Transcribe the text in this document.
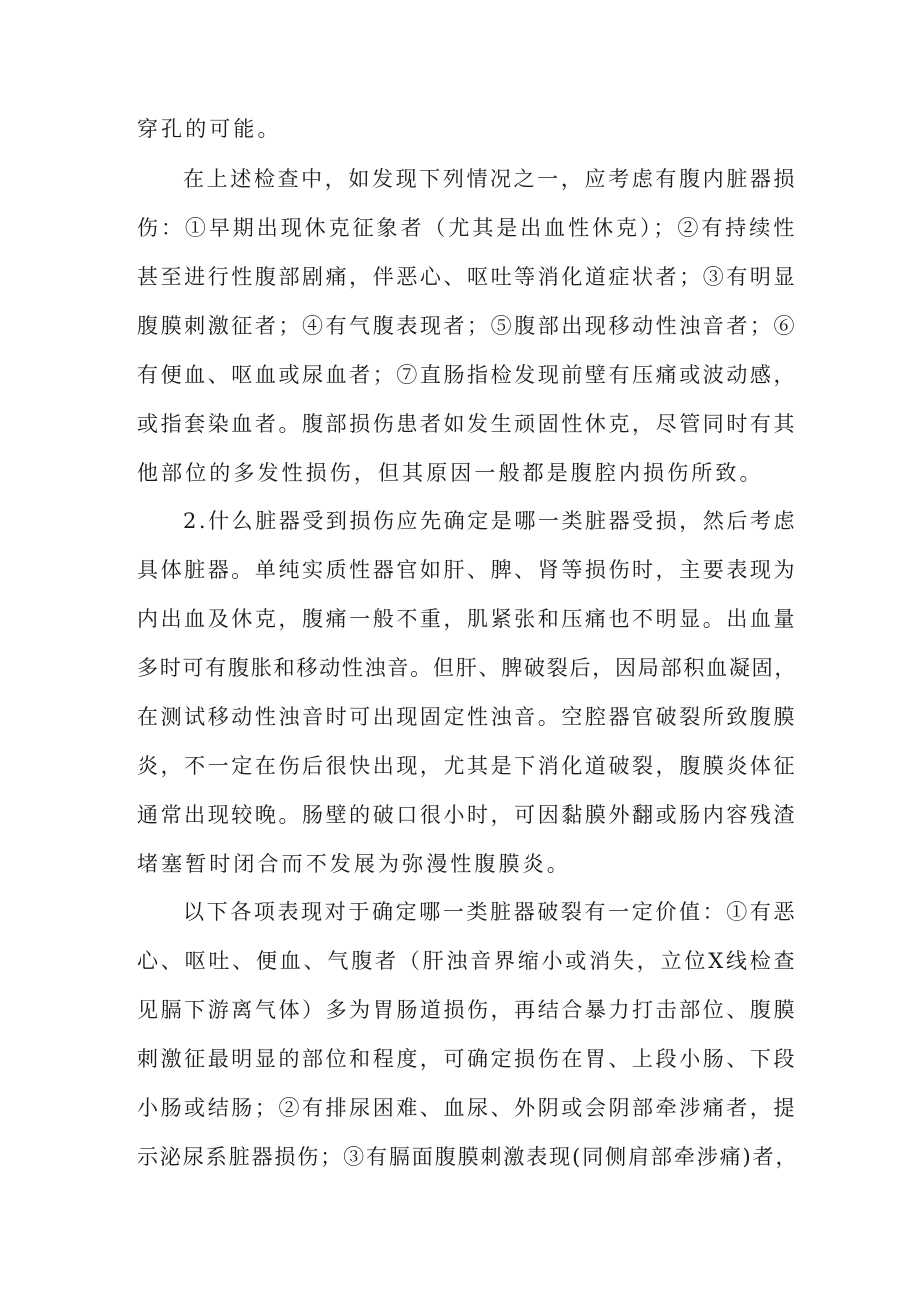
穿孔的可能。
在上述检查中，如发现下列情况之一，应考虑有腹内脏器损
伤：①早期出现休克征象者（尤其是出血性休克）；②有持续性
甚至进行性腹部剧痛，伴恶心、呕吐等消化道症状者；③有明显
腹膜刺激征者；④有气腹表现者；⑤腹部出现移动性浊音者；⑥
有便血、呕血或尿血者；⑦直肠指检发现前壁有压痛或波动感，
或指套染血者。腹部损伤患者如发生顽固性休克，尽管同时有其
他部位的多发性损伤，但其原因一般都是腹腔内损伤所致。
2.什么脏器受到损伤应先确定是哪一类脏器受损，然后考虑
具体脏器。单纯实质性器官如肝、脾、肾等损伤时，主要表现为
内出血及休克，腹痛一般不重，肌紧张和压痛也不明显。出血量
多时可有腹胀和移动性浊音。但肝、脾破裂后，因局部积血凝固，
在测试移动性浊音时可出现固定性浊音。空腔器官破裂所致腹膜
炎，不一定在伤后很快出现，尤其是下消化道破裂，腹膜炎体征
通常出现较晚。肠壁的破口很小时，可因黏膜外翻或肠内容残渣
堵塞暂时闭合而不发展为弥漫性腹膜炎。
以下各项表现对于确定哪一类脏器破裂有一定价值：①有恶
心、呕吐、便血、气腹者（肝浊音界缩小或消失，立位X线检查
见膈下游离气体）多为胃肠道损伤，再结合暴力打击部位、腹膜
刺激征最明显的部位和程度，可确定损伤在胃、上段小肠、下段
小肠或结肠；②有排尿困难、血尿、外阴或会阴部牵涉痛者，提
示泌尿系脏器损伤；③有膈面腹膜刺激表现(同侧肩部牵涉痛)者，
